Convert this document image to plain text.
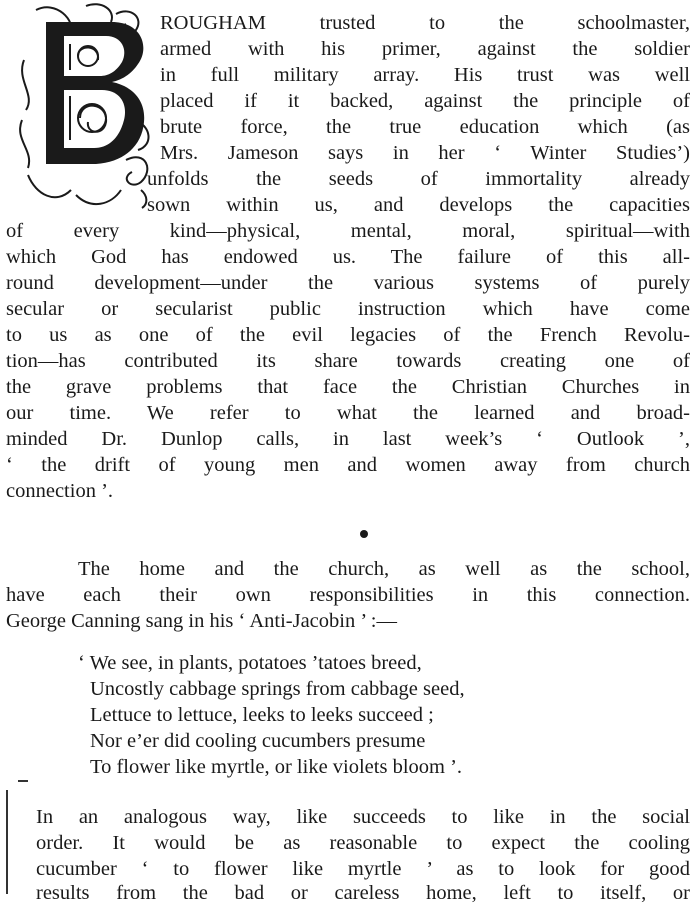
ROUGHAM trusted to the schoolmaster,
armed with his primer, against the soldier
in full military array. His trust was well
placed if it backed, against the principle of
brute force, the true education which (as
Mrs. Jameson says in her ‘ Winter Studies’)
unfolds the seeds of immortality already
sown within us, and develops the capacities
of every kind—physical, mental, moral, spiritual—with
which God has endowed us. The failure of this all-
round development—under the various systems of purely
secular or secularist public instruction which have come
to us as one of the evil legacies of the French Revolu-
tion—has contributed its share towards creating one of
the grave problems that face the Christian Churches in
our time. We refer to what the learned and broad-
minded Dr. Dunlop calls, in last week’s ‘ Outlook ’,
‘ the drift of young men and women away from church
connection ’.
The home and the church, as well as the school,
have each their own responsibilities in this connection.
George Canning sang in his ‘ Anti-Jacobin ’ :—
‘ We see, in plants, potatoes ’tatoes breed,
Uncostly cabbage springs from cabbage seed,
Lettuce to lettuce, leeks to leeks succeed ;
Nor e’er did cooling cucumbers presume
To flower like myrtle, or like violets bloom ’.
In an analogous way, like succeeds to like in the social
order. It would be as reasonable to expect the cooling
cucumber ‘ to flower like myrtle ’ as to look for good
results from the bad or careless home, left to itself, or
